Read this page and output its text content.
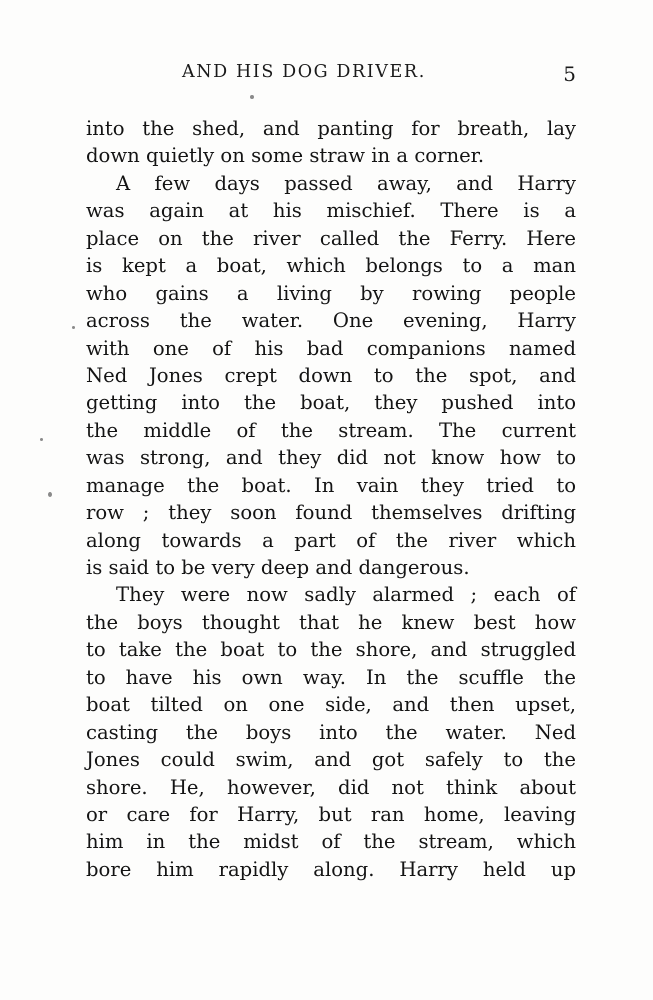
AND HIS DOG DRIVER.	5
into the shed, and panting for breath, lay
down quietly on some straw in a corner.
A few days passed away, and Harry
was again at his mischief. There is a
place on the river called the Ferry. Here
is kept a boat, which belongs to a man
who gains a living by rowing people
across the water. One evening, Harry
with one of his bad companions named
Ned Jones crept down to the spot, and
getting into the boat, they pushed into
the middle of the stream. The current
was strong, and they did not know how to
manage the boat. In vain they tried to
row ; they soon found themselves drifting
along towards a part of the river which
is said to be very deep and dangerous.
They were now sadly alarmed ; each of
the boys thought that he knew best how
to take the boat to the shore, and struggled
to have his own way. In the scuffle the
boat tilted on one side, and then upset,
casting the boys into the water. Ned
Jones could swim, and got safely to the
shore. He, however, did not think about
or care for Harry, but ran home, leaving
him in the midst of the stream, which
bore him rapidly along. Harry held up
